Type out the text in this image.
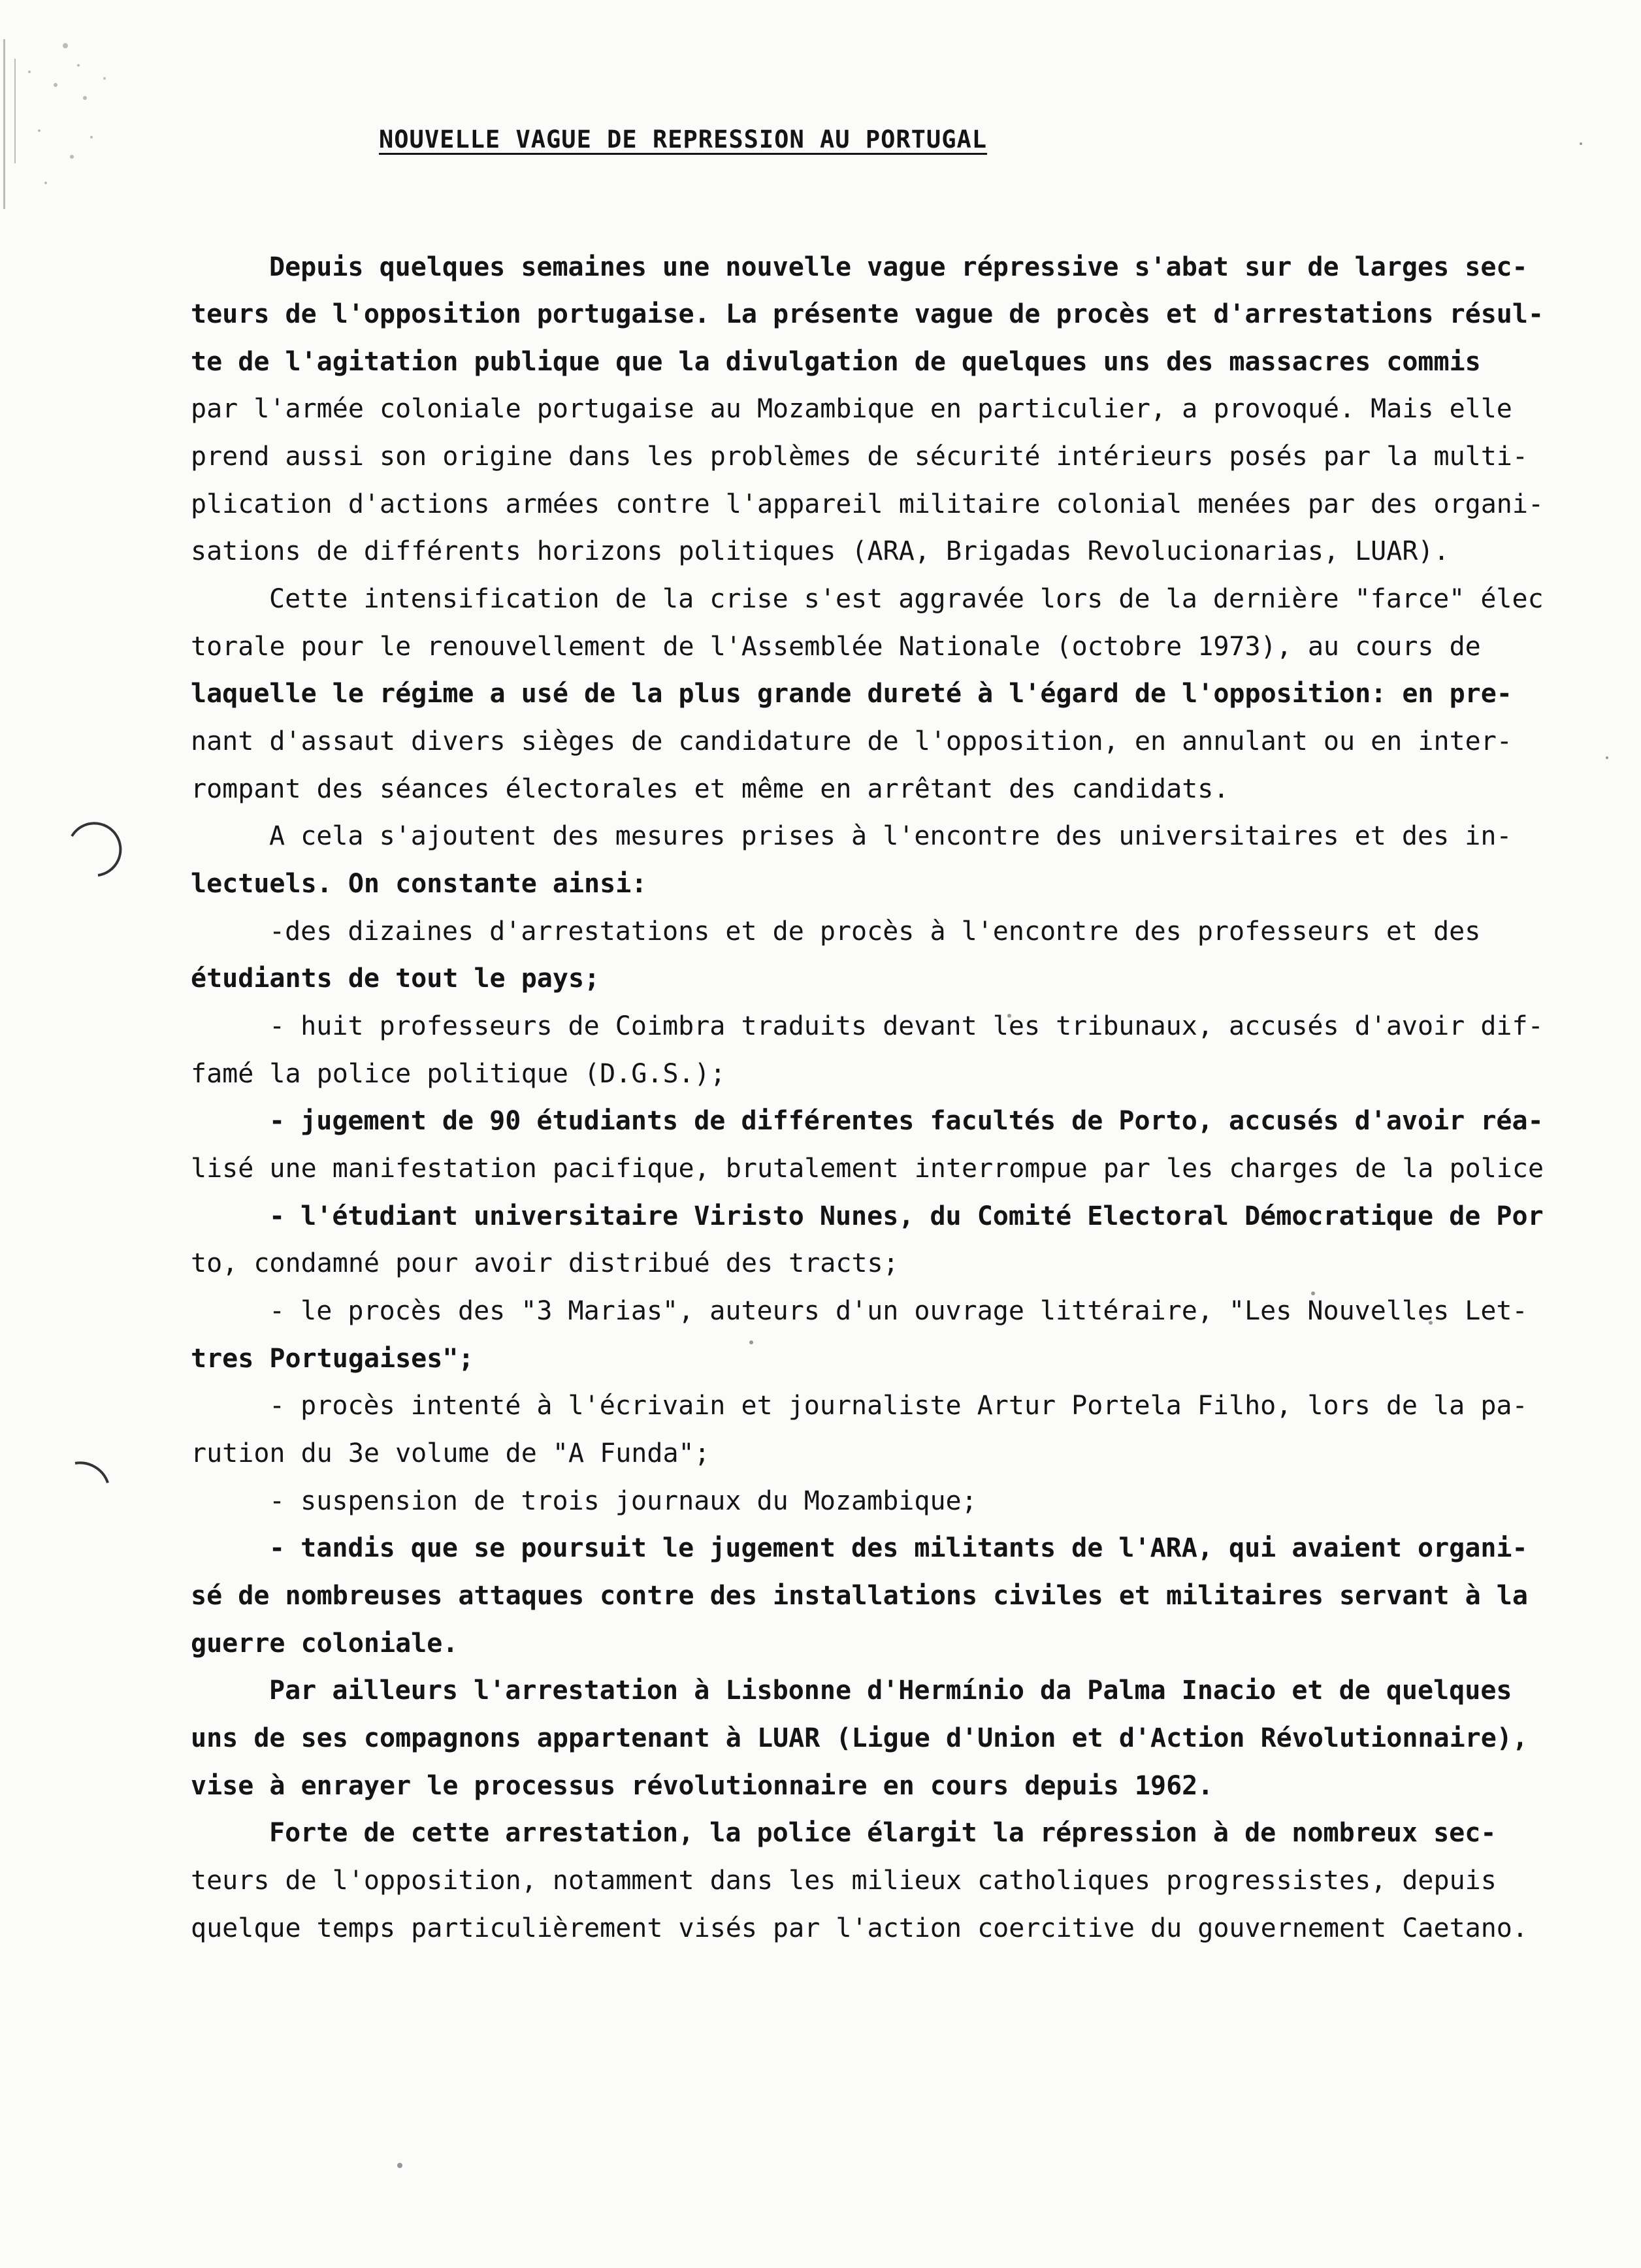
NOUVELLE VAGUE DE REPRESSION AU PORTUGAL
Depuis quelques semaines une nouvelle vague répressive s'abat sur de larges sec-
teurs de l'opposition portugaise. La présente vague de procès et d'arrestations résul-
te de l'agitation publique que la divulgation de quelques uns des massacres commis
par l'armée coloniale portugaise au Mozambique en particulier, a provoqué. Mais elle
prend aussi son origine dans les problèmes de sécurité intérieurs posés par la multi-
plication d'actions armées contre l'appareil militaire colonial menées par des organi-
sations de différents horizons politiques (ARA, Brigadas Revolucionarias, LUAR).
Cette intensification de la crise s'est aggravée lors de la dernière "farce" élec
torale pour le renouvellement de l'Assemblée Nationale (octobre 1973), au cours de
laquelle le régime a usé de la plus grande dureté à l'égard de l'opposition: en pre-
nant d'assaut divers sièges de candidature de l'opposition, en annulant ou en inter-
rompant des séances électorales et même en arrêtant des candidats.
A cela s'ajoutent des mesures prises à l'encontre des universitaires et des in-
lectuels. On constante ainsi:
-des dizaines d'arrestations et de procès à l'encontre des professeurs et des
étudiants de tout le pays;
- huit professeurs de Coimbra traduits devant les tribunaux, accusés d'avoir dif-
famé la police politique (D.G.S.);
- jugement de 90 étudiants de différentes facultés de Porto, accusés d'avoir réa-
lisé une manifestation pacifique, brutalement interrompue par les charges de la police
- l'étudiant universitaire Viristo Nunes, du Comité Electoral Démocratique de Por
to, condamné pour avoir distribué des tracts;
- le procès des "3 Marias", auteurs d'un ouvrage littéraire, "Les Nouvelles Let-
tres Portugaises";
- procès intenté à l'écrivain et journaliste Artur Portela Filho, lors de la pa-
rution du 3e volume de "A Funda";
- suspension de trois journaux du Mozambique;
- tandis que se poursuit le jugement des militants de l'ARA, qui avaient organi-
sé de nombreuses attaques contre des installations civiles et militaires servant à la
guerre coloniale.
Par ailleurs l'arrestation à Lisbonne d'Hermínio da Palma Inacio et de quelques
uns de ses compagnons appartenant à LUAR (Ligue d'Union et d'Action Révolutionnaire),
vise à enrayer le processus révolutionnaire en cours depuis 1962.
Forte de cette arrestation, la police élargit la répression à de nombreux sec-
teurs de l'opposition, notamment dans les milieux catholiques progressistes, depuis
quelque temps particulièrement visés par l'action coercitive du gouvernement Caetano.
